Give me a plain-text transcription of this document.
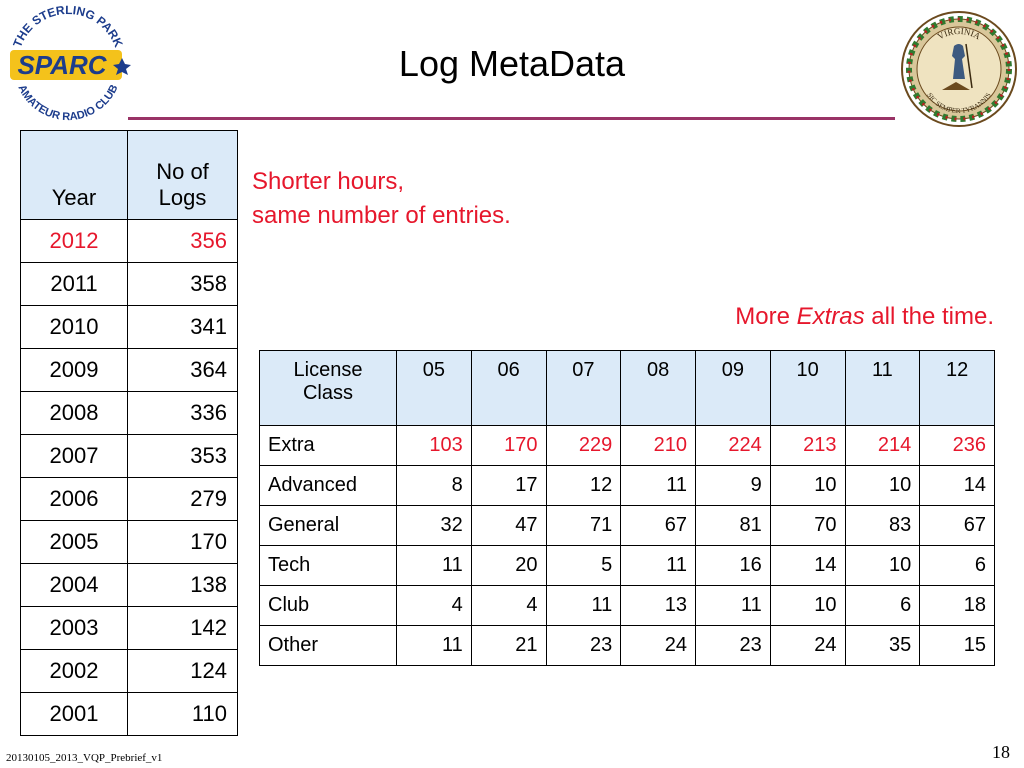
THE STERLING PARK
AMATEUR RADIO CLUB
SPARC
VIRGINIA
SIC SEMPER TYRANNIS
Log MetaData
Shorter hours,
same number of entries.
More Extras all the time.
Year	No of Logs
2012	356
2011	358
2010	341
2009	364
2008	336
2007	353
2006	279
2005	170
2004	138
2003	142
2002	124
2001	110
License Class	05	06	07	08	09	10	11	12
Extra	103	170	229	210	224	213	214	236
Advanced	8	17	12	11	9	10	10	14
General	32	47	71	67	81	70	83	67
Tech	11	20	5	11	16	14	10	6
Club	4	4	11	13	11	10	6	18
Other	11	21	23	24	23	24	35	15
20130105_2013_VQP_Prebrief_v1	18
